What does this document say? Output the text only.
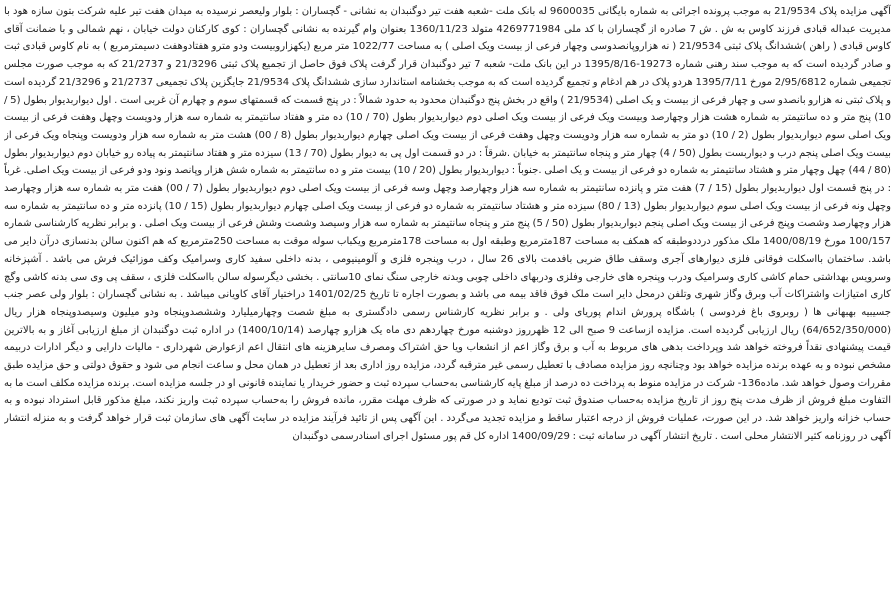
آگهی مزایده پلاک 21/9534 به موجب پرونده اجرائی به شماره بایگانی 9600035 له بانک ملت -شعبه هفت تیر دوگنبدان به نشانی - گچساران : بلوار ولیعصر نرسیده به میدان هفت تیر علیه شرکت بتون سازه هود با مدیریت عبداله قبادی فرزند کاوس به ش . ش 7 صادره از گچساران با کد ملی 4269771984 متولد 1360/11/23 بعنوان وام گیرنده به نشانی گچساران : کوی کارکنان دولت خیابان ، نهم شمالی و با ضمانت آقای کاوس قبادی ( راهن )ششدانگ پلاک ثبتی 21/9534 ( نه هزاروپانصدوسی وچهار فرعی از بیست ویک اصلی ) به مساحت 1022/77 متر مربع (یکهزاروبیست ودو مترو هفتادوهفت دسیمترمربع ) به نام کاوس قبادی ثبت و صادر گردیده است که به موجب سند رهنی شماره 19273-1395/8/16 در این بانک ملت- شعبه 7 تیر دوگنبدان قرار گرفت پلاک فوق حاصل از تجمیع پلاک ثبتی 21/3296 و 21/2737 که به موجب صورت مجلس تجمیعی شماره 2/95/6812 مورخ 1395/7/11 هردو پلاک در هم ادغام و تجمیع گردیده است که به موجب بخشنامه استاندارد سازی ششدانگ پلاک 21/9534 جایگزین پلاک تجمیعی 21/2737 و 21/3296 گردیده است و پلاک ثبتی نه هزارو بانصدو سی و چهار فرعی از بیست و یک اصلی (21/9534 ) واقع در بخش پنج دوگنبدان محدود به حدود شمالاً : در پنج قسمت که قسمتهای سوم و چهارم آن غربی است . اول دیواربدیوار بطول (5 / 10) پنج متر و ده سانتیمتر به شماره هشت هزار وچهارصد وبیست ویک فرعی از بیست ویک اصلی دوم دیواربدیوار بطول (70 / 10) ده متر و هفتاد سانتیمتر به شماره سه هزار ودویست وچهل وهفت فرعی از بیست ویک اصلی سوم دیواربدیوار بطول (2 / 10) دو متر به شماره سه هزار ودویست وچهل وهفت فرعی از بیست ویک اصلی چهارم دیواربدیوار بطول (8 / 00) هشت متر به شماره سه هزار ودویست وپنجاه ویک فرعی از بیست ویک اصلی پنجم درب و دیواربست بطول (50 / 4) چهار متر و پنجاه سانتیمتر به خیابان .شرقاً : در دو قسمت اول پی به دیوار بطول (70 / 13) سیزده متر و هفتاد سانتیمتر به پیاده رو خیابان دوم دیواربدیوار بطول (80 / 44) چهل وچهار متر و هشتاد سانتیمتر به شماره دو فرعی از بیست و یک اصلی .جنوباً : دیواربدیوار بطول (20 / 10) بیست متر و ده سانتیمتر به شماره شش هزار وپانصد ونود ودو فرعی از بیست ویک اصلی. غرباً : در پنج قسمت اول دیواربدیوار بطول (15 / 7) هفت متر و پانزده سانتیمتر به شماره سه هزار وچهارصد وچهل وسه فرعی از بیست ویک اصلی دوم دیواربدیوار بطول (7 / 00) هفت متر به شماره سه هزار وچهارصد وچهل ونه فرعی از بیست ویک اصلی سوم دیواربدیوار بطول (13 / 80) سیزده متر و هشتاد سانتیمتر به شماره دو فرعی از بیست ویک اصلی چهارم دیواربدیوار بطول (15 / 10) پانزده متر و ده سانتیمتر به شماره سه هزار وچهارصد وشصت وپنج فرعی از بیست ویک اصلی پنجم دیواربدیوار بطول (50 / 5) پنج متر و پنجاه سانتیمتر به شماره سه هزار وسیصد وشصت وشش فرعی از بیست ویک اصلی . و برابر نظریه کارشناسی شماره 100/157 مورخ 1400/08/19 ملک مذکور درددوطبقه که همکف به مساحت 187مترمربع وطبقه اول به مساحت 178مترمربع ویکباب سوله موقت به مساحت 250مترمربع که هم اکنون سالن بدنسازی درآن دایر می باشد. ساختمان بااسکلت فوقانی فلزی دیوارهای آجری وسقف طاق ضربی بافدمت بالای 26 سال ، درب وپنجره فلزی و آلومینیومی ، بدنه داخلی سفید کاری وسرامیک وکف موزائیک فرش می باشد . آشپزخانه وسرویس بهداشتی حمام کاشی کاری وسرامیک ودرب وپنجره های خارجی وفلزی ودربهای داخلی چوبی وبدنه خارجی سنگ نمای 10سانتی . بخشی دیگرسوله سالن بااسکلت فلزی ، سقف پی وی سی بدنه کاشی وگچ کاری امتیازات واشتراکات آب وبرق وگاز شهری وتلفن درمحل دایر است ملک فوق فاقد بیمه می باشد و بصورت اجاره تا تاریخ 1401/02/25 دراختیار آقای کاویانی میباشد . به نشانی گچساران : بلوار ولی عصر جنب جسیبیه بهبهانی ها ( روبروی باغ فردوسی ) باشگاه پرورش اندام پوریای ولی . و برابر نظریه کارشناس رسمی دادگستری به مبلغ شصت وچهارمیلیارد وششصدوپنجاه ودو میلیون وسیصدوپنجاه هزار ریال (64/652/350/000) ریال ارزیابی گردیده است. مزایده ازساعت 9 صبح الی 12 ظهرروز دوشنبه مورخ چهاردهم دی ماه یک هزارو چهارصد (1400/10/14) در اداره ثبت دوگنبدان از مبلغ ارزیابی آغاز و به بالاترین قیمت پیشنهادی نقداً فروخته خواهد شد وپرداخت بدهی های مربوط به آب و برق وگاز اعم از انشعاب ویا حق اشتراک ومصرف سایرهزینه های انتقال اعم ازعوارض شهرداری - مالیات دارایی و دیگر ادارات دربیمه مشخص نبوده و به عهده برنده مزایده خواهد بود وچنانچه روز مزایده مصادف با تعطیل رسمی غیر مترقبه گردد، مزایده روز اداری بعد از تعطیل در همان محل و ساعت انجام می شود و حقوق دولتی و حق مزایده طبق مقررات وصول خواهد شد. ماده136- شرکت در مزایده منوط به پرداخت ده درصد از مبلغ پایه کارشناسی به‌حساب سپرده ثبت و حضور خریدار یا نماینده قانونی او در جلسه مزایده است. برنده مزایده مکلف است ما به التفاوت مبلغ فروش از ظرف مدت پنج روز از تاریخ مزایده به‌حساب صندوق ثبت تودیع نماید و در صورتی که ظرف مهلت مقرر، مانده فروش را به‌حساب سپرده ثبت واریز نکند، مبلغ مذکور قابل استرداد نبوده و به حساب خزانه واریز خواهد شد. در این صورت، عملیات فروش از درجه اعتبار ساقط و مزایده تجدید می‌گردد . این آگهی پس از تائید فرآیند مزایده در سایت آگهی های سازمان ثبت قرار خواهد گرفت و به منزله انتشار آگهی در روزنامه کثیر الانتشار محلی است . تاریخ انتشار آگهی در سامانه ثبت : 1400/09/29 اداره کل قم پور مسئول اجرای اسنادرسمی دوگنبدان
